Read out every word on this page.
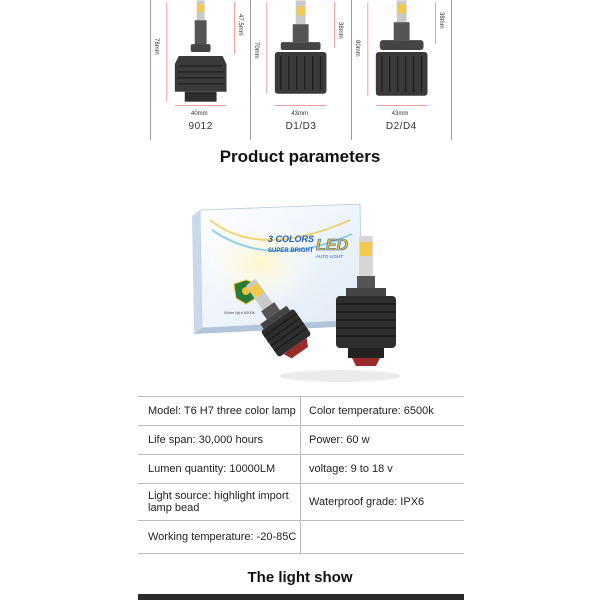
78mm
47.5mm
40mm
9012
70mm
38mm
43mm
D1/D3
80mm
38mm
43mm
D2/D4
Product parameters
3 COLORS
SUPER BRIGHT LED
AUTO LIGHT
White light 6000K
Model: T6 H7 three color lamp	Color temperature: 6500k
Life span: 30,000 hours	Power: 60 w
Lumen quantity: 10000LM	voltage: 9 to 18 v
Light source: highlight import lamp bead	Waterproof grade: IPX6
Working temperature: -20-85C	
The light show
